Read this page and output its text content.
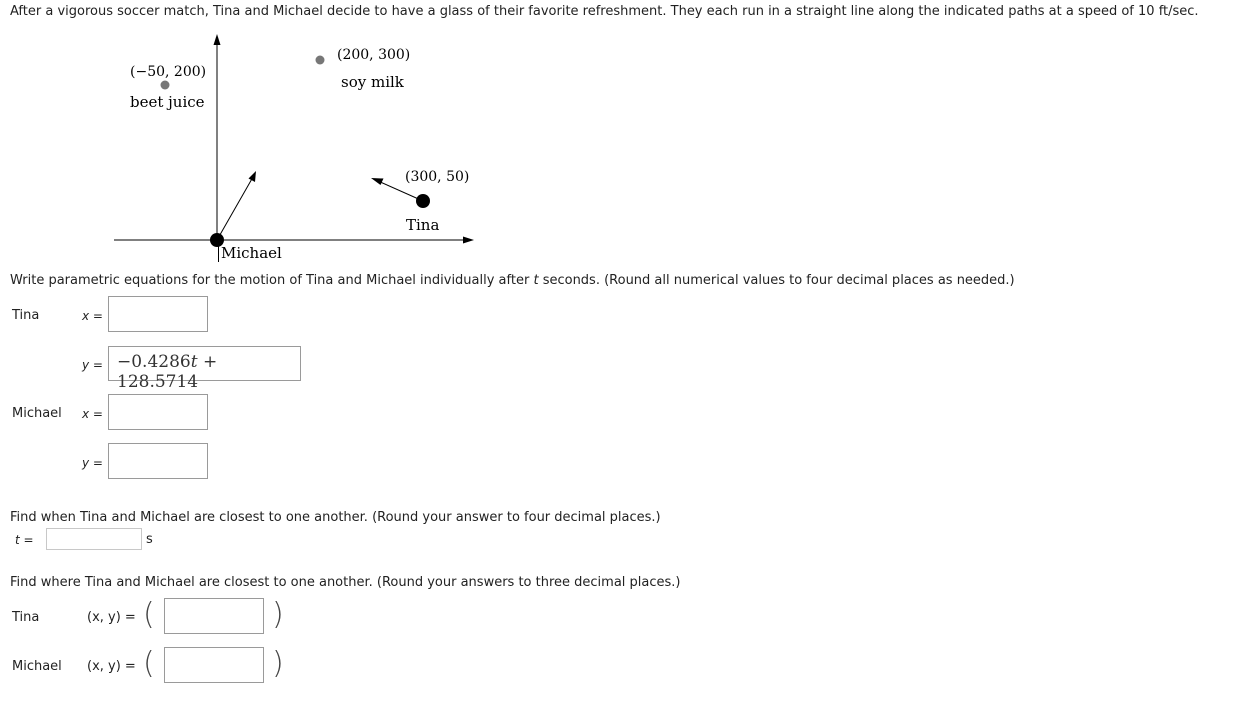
After a vigorous soccer match, Tina and Michael decide to have a glass of their favorite refreshment. They each run in a straight line along the indicated paths at a speed of 10 ft/sec.
(−50, 200)
beet juice
(200, 300)
soy milk
(300, 50)
Tina
Michael
Write parametric equations for the motion of Tina and Michael individually after t seconds. (Round all numerical values to four decimal places as needed.)
Tina	x =
y = −0.4286t + 128.5714
Michael x =
y =
Find when Tina and Michael are closest to one another. (Round your answer to four decimal places.)
t =	s
Find where Tina and Michael are closest to one another. (Round your answers to three decimal places.)
Tina	(x, y) = (	)
Michael (x, y) = (	)
